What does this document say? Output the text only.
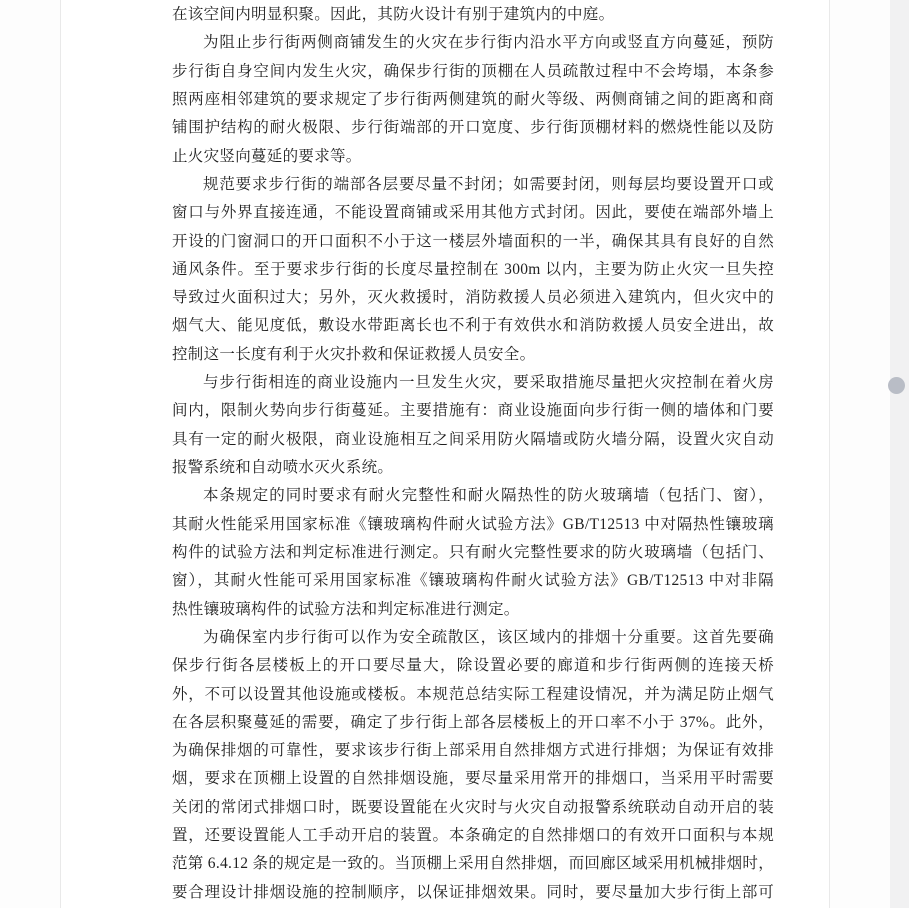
在该空间内明显积聚。因此，其防火设计有别于建筑内的中庭。
为阻止步行街两侧商铺发生的火灾在步行街内沿水平方向或竖直方向蔓延，预防
步行街自身空间内发生火灾，确保步行街的顶棚在人员疏散过程中不会垮塌，本条参
照两座相邻建筑的要求规定了步行街两侧建筑的耐火等级、两侧商铺之间的距离和商
铺围护结构的耐火极限、步行街端部的开口宽度、步行街顶棚材料的燃烧性能以及防
止火灾竖向蔓延的要求等。
规范要求步行街的端部各层要尽量不封闭；如需要封闭，则每层均要设置开口或
窗口与外界直接连通，不能设置商铺或采用其他方式封闭。因此，要使在端部外墙上
开设的门窗洞口的开口面积不小于这一楼层外墙面积的一半，确保其具有良好的自然
通风条件。至于要求步行街的长度尽量控制在 300m 以内，主要为防止火灾一旦失控
导致过火面积过大；另外，灭火救援时，消防救援人员必须进入建筑内，但火灾中的
烟气大、能见度低，敷设水带距离长也不利于有效供水和消防救援人员安全进出，故
控制这一长度有利于火灾扑救和保证救援人员安全。
与步行街相连的商业设施内一旦发生火灾，要采取措施尽量把火灾控制在着火房
间内，限制火势向步行街蔓延。主要措施有：商业设施面向步行街一侧的墙体和门要
具有一定的耐火极限，商业设施相互之间采用防火隔墙或防火墙分隔，设置火灾自动
报警系统和自动喷水灭火系统。
本条规定的同时要求有耐火完整性和耐火隔热性的防火玻璃墙（包括门、窗），
其耐火性能采用国家标准《镶玻璃构件耐火试验方法》GB/T12513 中对隔热性镶玻璃
构件的试验方法和判定标准进行测定。只有耐火完整性要求的防火玻璃墙（包括门、
窗），其耐火性能可采用国家标准《镶玻璃构件耐火试验方法》GB/T12513 中对非隔
热性镶玻璃构件的试验方法和判定标准进行测定。
为确保室内步行街可以作为安全疏散区，该区域内的排烟十分重要。这首先要确
保步行街各层楼板上的开口要尽量大，除设置必要的廊道和步行街两侧的连接天桥
外，不可以设置其他设施或楼板。本规范总结实际工程建设情况，并为满足防止烟气
在各层积聚蔓延的需要，确定了步行街上部各层楼板上的开口率不小于 37%。此外，
为确保排烟的可靠性，要求该步行街上部采用自然排烟方式进行排烟；为保证有效排
烟，要求在顶棚上设置的自然排烟设施，要尽量采用常开的排烟口，当采用平时需要
关闭的常闭式排烟口时，既要设置能在火灾时与火灾自动报警系统联动自动开启的装
置，还要设置能人工手动开启的装置。本条确定的自然排烟口的有效开口面积与本规
范第 6.4.12 条的规定是一致的。当顶棚上采用自然排烟，而回廊区域采用机械排烟时，
要合理设计排烟设施的控制顺序，以保证排烟效果。同时，要尽量加大步行街上部可
